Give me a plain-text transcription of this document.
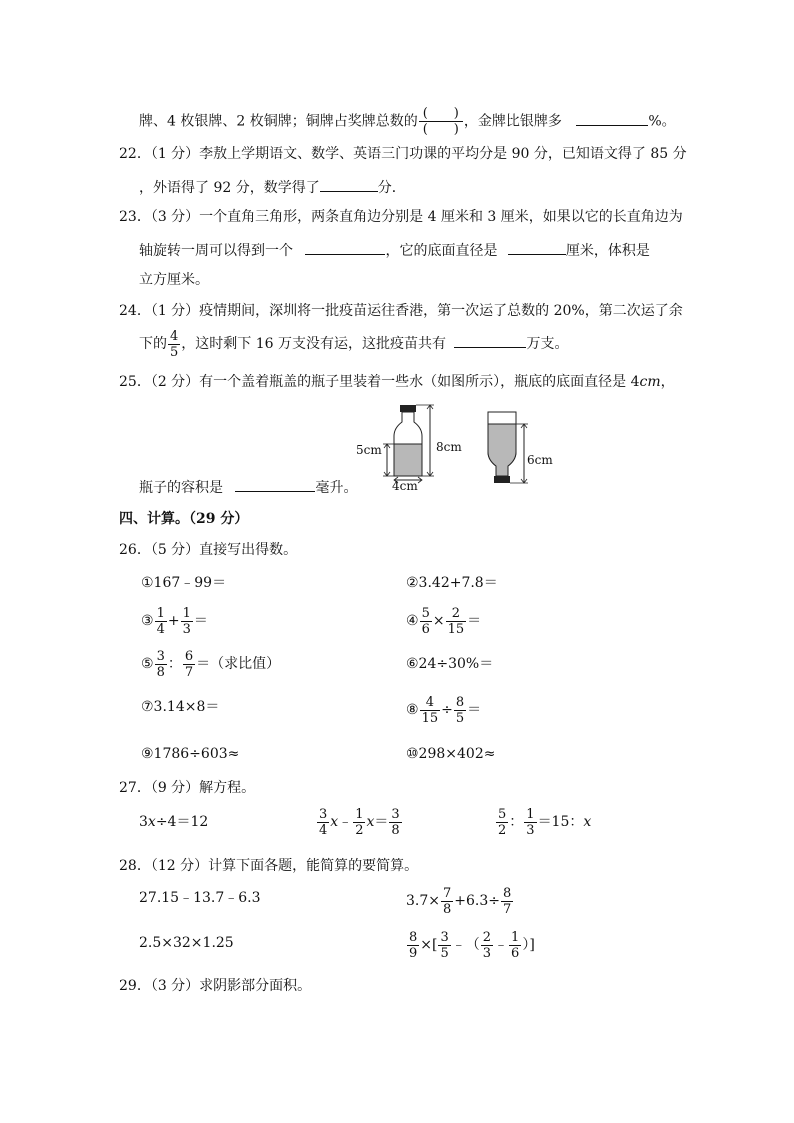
牌、4 枚银牌、2 枚铜牌；铜牌占奖牌总数的 $\frac{( )}{( )}$ ，金牌比银牌多	%。
22．（1 分）李敖上学期语文、数学、英语三门功课的平均分是 90 分，已知语文得了 85 分
，外语得了 92 分，数学得了	分．
23．（3 分）一个直角三角形，两条直角边分别是 4 厘米和 3 厘米，如果以它的长直角边为
轴旋转一周可以得到一个	，它的底面直径是	厘米，体积是
立方厘米。
24．（1 分）疫情期间，深圳将一批疫苗运往香港，第一次运了总数的 20%，第二次运了余
下的 $\frac{4}{5}$ ，这时剩下 16 万支没有运，这批疫苗共有	万支。
25．（2 分）有一个盖着瓶盖的瓶子里装着一些水（如图所示），瓶底的底面直径是 4cm，
5cm	8cm
4cm
6cm
瓶子的容积是	毫升。
四、计算。（29 分）
26．（5 分）直接写出得数。
①167﹣99＝	②3.42+7.8＝
③ $\frac{1}{4} + \frac{1}{3}$ ＝	④ $\frac{5}{6} \times \frac{2}{15}$ ＝
⑤ $\frac{3}{8}$ ： $\frac{6}{7}$ ＝（求比值）	⑥24÷30%＝
⑦3.14×8＝	⑧ $\frac{4}{15} \div \frac{8}{5}$ ＝
⑨1786÷603≈	⑩298×402≈
27．（9 分）解方程。
3x÷4＝12	$\frac{3}{4}$ x﹣ $\frac{1}{2} x= \frac{3}{8}$	$\frac{5}{2}$ ： $\frac{1}{3} =15$：x
28．（12 分）计算下面各题，能简算的要简算。
27.15﹣13.7﹣6.3	$3.7\times \frac{7}{8} +6.3\div \frac{8}{7}$
2.5×32×1.25	$\frac{8}{9}$ ×[ $\frac{3}{5}$ ﹣（ $\frac{2}{3}$ ﹣ $\frac{1}{6}$ ）]
29．（3 分）求阴影部分面积。
